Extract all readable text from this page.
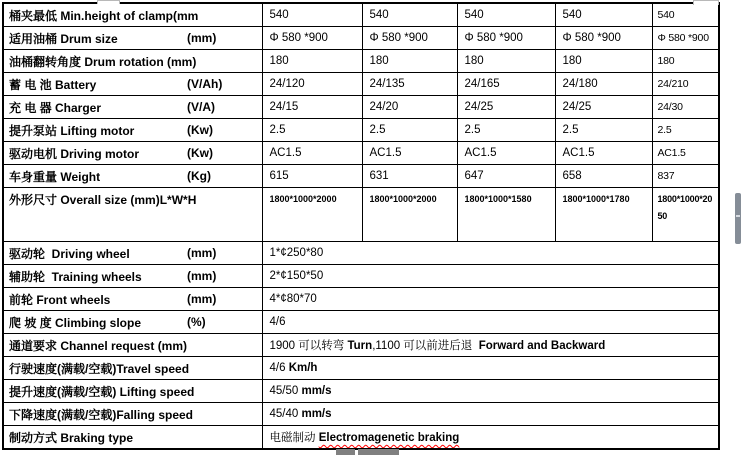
桶夹最低 Min.height of clamp(mm	540	540	540	540	540
适用油桶 Drum size (mm)	Φ 580 *900	Φ 580 *900	Φ 580 *900	Φ 580 *900	Φ 580 *900
油桶翻转角度 Drum rotation (mm)	180	180	180	180	180
蓄 电 池 Battery (V/Ah)	24/120	24/135	24/165	24/180	24/210
充 电 器 Charger (V/A)	24/15	24/20	24/25	24/25	24/30
提升泵站 Lifting motor (Kw)	2.5	2.5	2.5	2.5	2.5
驱动电机 Driving motor (Kw)	AC1.5	AC1.5	AC1.5	AC1.5	AC1.5
车身重量 Weight (Kg)	615	631	647	658	837
外形尺寸 Overall size (mm)L*W*H	1800*1000*2000	1800*1000*2000	1800*1000*1580	1800*1000*1780	1800*1000*2050
驱动轮  Driving wheel (mm)	1*¢250*80				
辅助轮  Training wheels (mm)	2*¢150*50				
前轮 Front wheels (mm)	4*¢80*70				
爬 坡 度 Climbing slope (%)	4/6				
通道要求 Channel request (mm)	1900 可以转弯 Turn,1100 可以前进后退  Forward and Backward				
行驶速度(满载/空载)Travel speed	4/6 Km/h				
提升速度(满载/空载) Lifting speed	45/50 mm/s				
下降速度(满载/空载)Falling speed	45/40 mm/s				
制动方式 Braking type	电磁制动 Electromagenetic braking				
